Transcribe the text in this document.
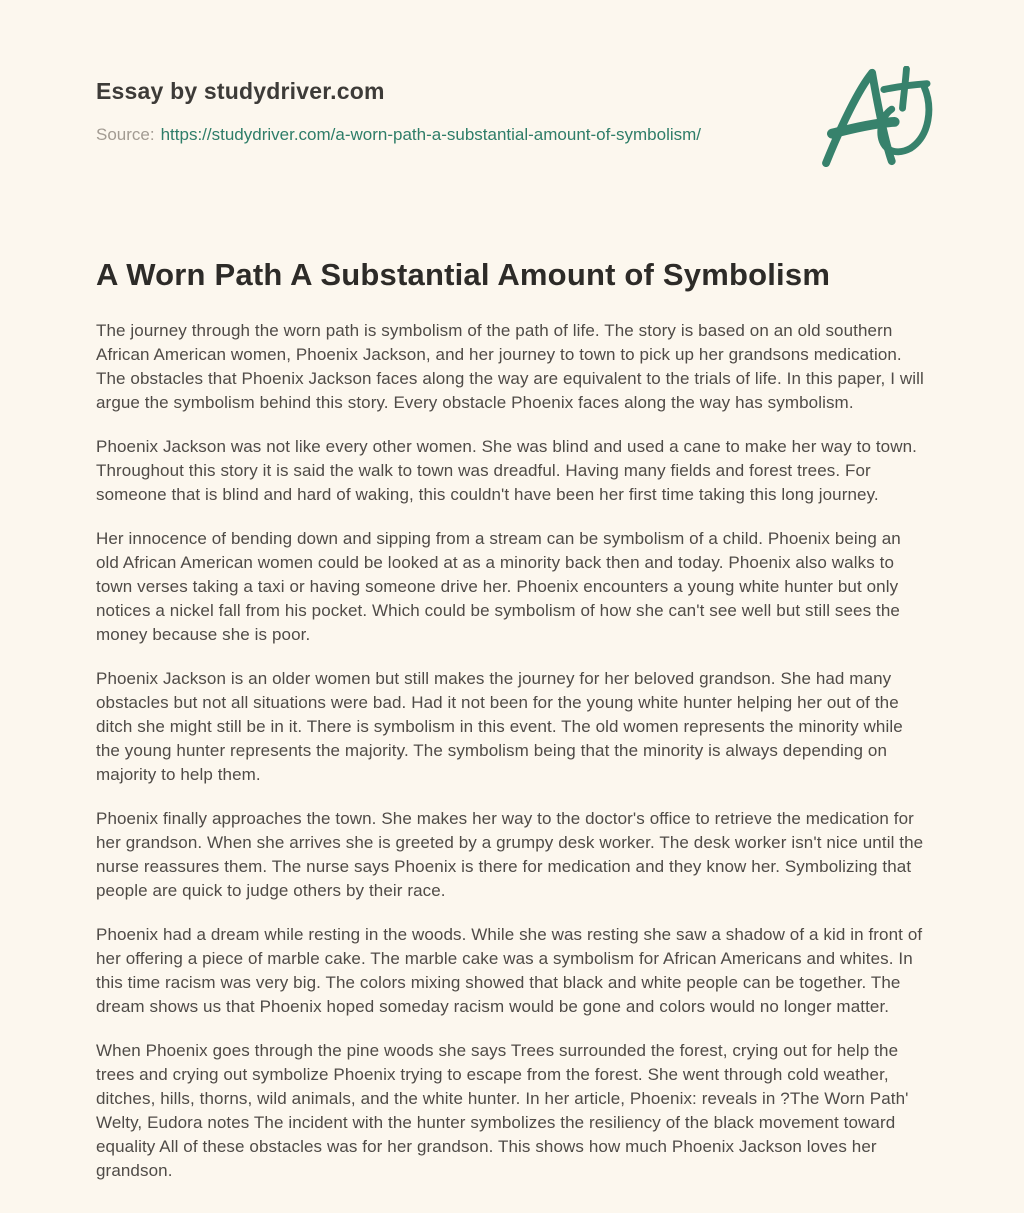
Essay by studydriver.com
Source: https://studydriver.com/a-worn-path-a-substantial-amount-of-symbolism/
A Worn Path A Substantial Amount of Symbolism

The journey through the worn path is symbolism of the path of life. The story is based on an old southern African American women, Phoenix Jackson, and her journey to town to pick up her grandsons medication. The obstacles that Phoenix Jackson faces along the way are equivalent to the trials of life. In this paper, I will argue the symbolism behind this story. Every obstacle Phoenix faces along the way has symbolism.

Phoenix Jackson was not like every other women. She was blind and used a cane to make her way to town. Throughout this story it is said the walk to town was dreadful. Having many fields and forest trees. For someone that is blind and hard of waking, this couldn't have been her first time taking this long journey.

Her innocence of bending down and sipping from a stream can be symbolism of a child. Phoenix being an old African American women could be looked at as a minority back then and today. Phoenix also walks to town verses taking a taxi or having someone drive her. Phoenix encounters a young white hunter but only notices a nickel fall from his pocket. Which could be symbolism of how she can't see well but still sees the money because she is poor.

Phoenix Jackson is an older women but still makes the journey for her beloved grandson. She had many obstacles but not all situations were bad. Had it not been for the young white hunter helping her out of the ditch she might still be in it. There is symbolism in this event. The old women represents the minority while the young hunter represents the majority. The symbolism being that the minority is always depending on majority to help them.

Phoenix finally approaches the town. She makes her way to the doctor's office to retrieve the medication for her grandson. When she arrives she is greeted by a grumpy desk worker. The desk worker isn't nice until the nurse reassures them. The nurse says Phoenix is there for medication and they know her. Symbolizing that people are quick to judge others by their race.

Phoenix had a dream while resting in the woods. While she was resting she saw a shadow of a kid in front of her offering a piece of marble cake. The marble cake was a symbolism for African Americans and whites. In this time racism was very big. The colors mixing showed that black and white people can be together. The dream shows us that Phoenix hoped someday racism would be gone and colors would no longer matter.

When Phoenix goes through the pine woods she says Trees surrounded the forest, crying out for help the trees and crying out symbolize Phoenix trying to escape from the forest. She went through cold weather, ditches, hills, thorns, wild animals, and the white hunter. In her article, Phoenix: reveals in ?The Worn Path' Welty, Eudora notes The incident with the hunter symbolizes the resiliency of the black movement toward equality All of these obstacles was for her grandson. This shows how much Phoenix Jackson loves her grandson.
